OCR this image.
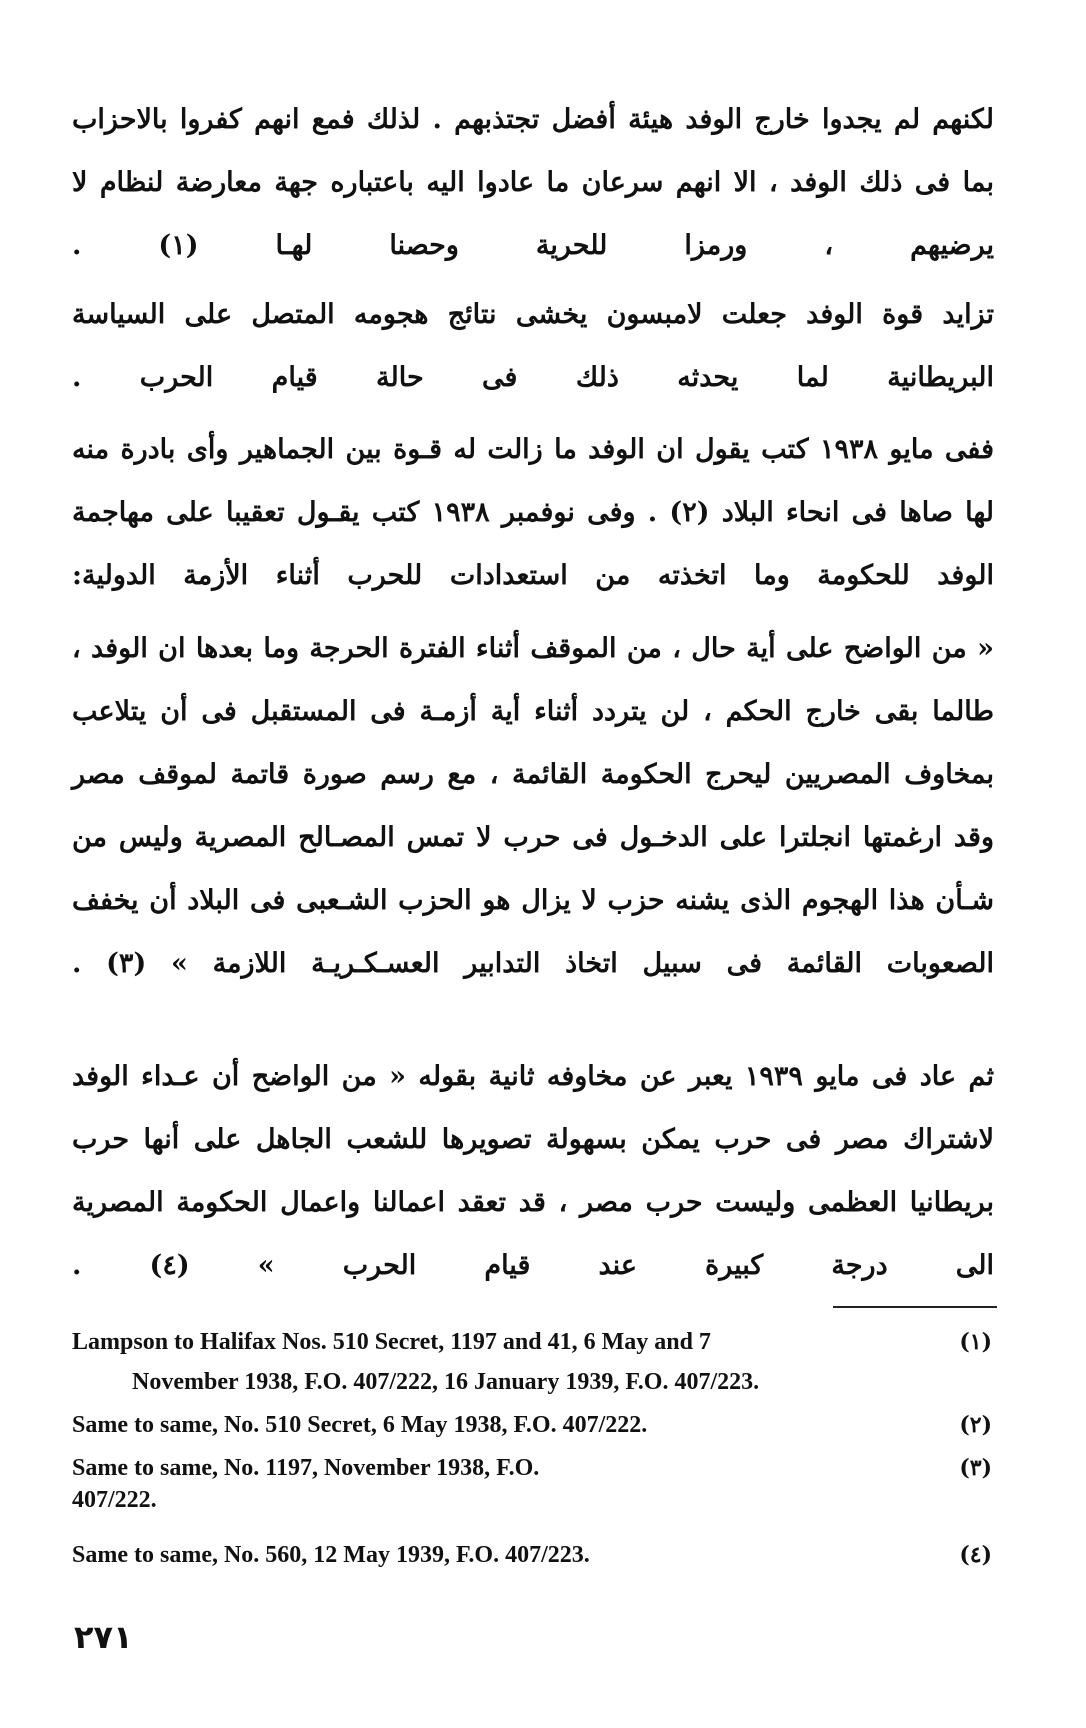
لكنهم لم يجدوا خارج الوفد هيئة أفضل تجتذبهم . لذلك فمع انهم كفروا بالاحزاب بما فى ذلك الوفد ، الا انهم سرعان ما عادوا اليه باعتباره جهة معارضة لنظام لا يرضيهم ، ورمزا للحرية وحصنا لهـا (١) .

تزايد قوة الوفد جعلت لامبسون يخشى نتائج هجومه المتصل على السياسة البريطانية لما يحدثه ذلك فى حالة قيام الحرب .

ففى مايو ١٩٣٨ كتب يقول ان الوفد ما زالت له قـوة بين الجماهير وأى بادرة منه لها صاها فى انحاء البلاد (٢) . وفى نوفمبر ١٩٣٨ كتب يقـول تعقيبا على مهاجمة الوفد للحكومة وما اتخذته من استعدادات للحرب أثناء الأزمة الدولية:

« من الواضح على أية حال ، من الموقف أثناء الفترة الحرجة وما بعدها ان الوفد ، طالما بقى خارج الحكم ، لن يتردد أثناء أية أزمـة فى المستقبل فى أن يتلاعب بمخاوف المصريين ليحرج الحكومة القائمة ، مع رسم صورة قاتمة لموقف مصر وقد ارغمتها انجلترا على الدخـول فى حرب لا تمس المصـالح المصرية وليس من شـأن هذا الهجوم الذى يشنه حزب لا يزال هو الحزب الشـعبى فى البلاد أن يخفف الصعوبات القائمة فى سبيل اتخاذ التدابير العسـكـريـة اللازمة » (٣) .

ثم عاد فى مايو ١٩٣٩ يعبر عن مخاوفه ثانية بقوله « من الواضح أن عـداء الوفد لاشتراك مصر فى حرب يمكن بسهولة تصويرها للشعب الجاهل على أنها حرب بريطانيا العظمى وليست حرب مصر ، قد تعقد اعمالنا واعمال الحكومة المصرية الى درجة كبيرة عند قيام الحرب » (٤) .

Lampson to Halifax Nos. 510 Secret, 1197 and 41, 6 May and 7
November 1938, F.O. 407/222, 16 January 1939, F.O. 407/223.
(١)
Same to same, No. 510 Secret, 6 May 1938, F.O. 407/222.	(٢)
Same to same, No. 1197, November 1938, F.O.
407/222.
(٣)
Same to same, No. 560, 12 May 1939, F.O. 407/223.	(٤)
٢٧١
